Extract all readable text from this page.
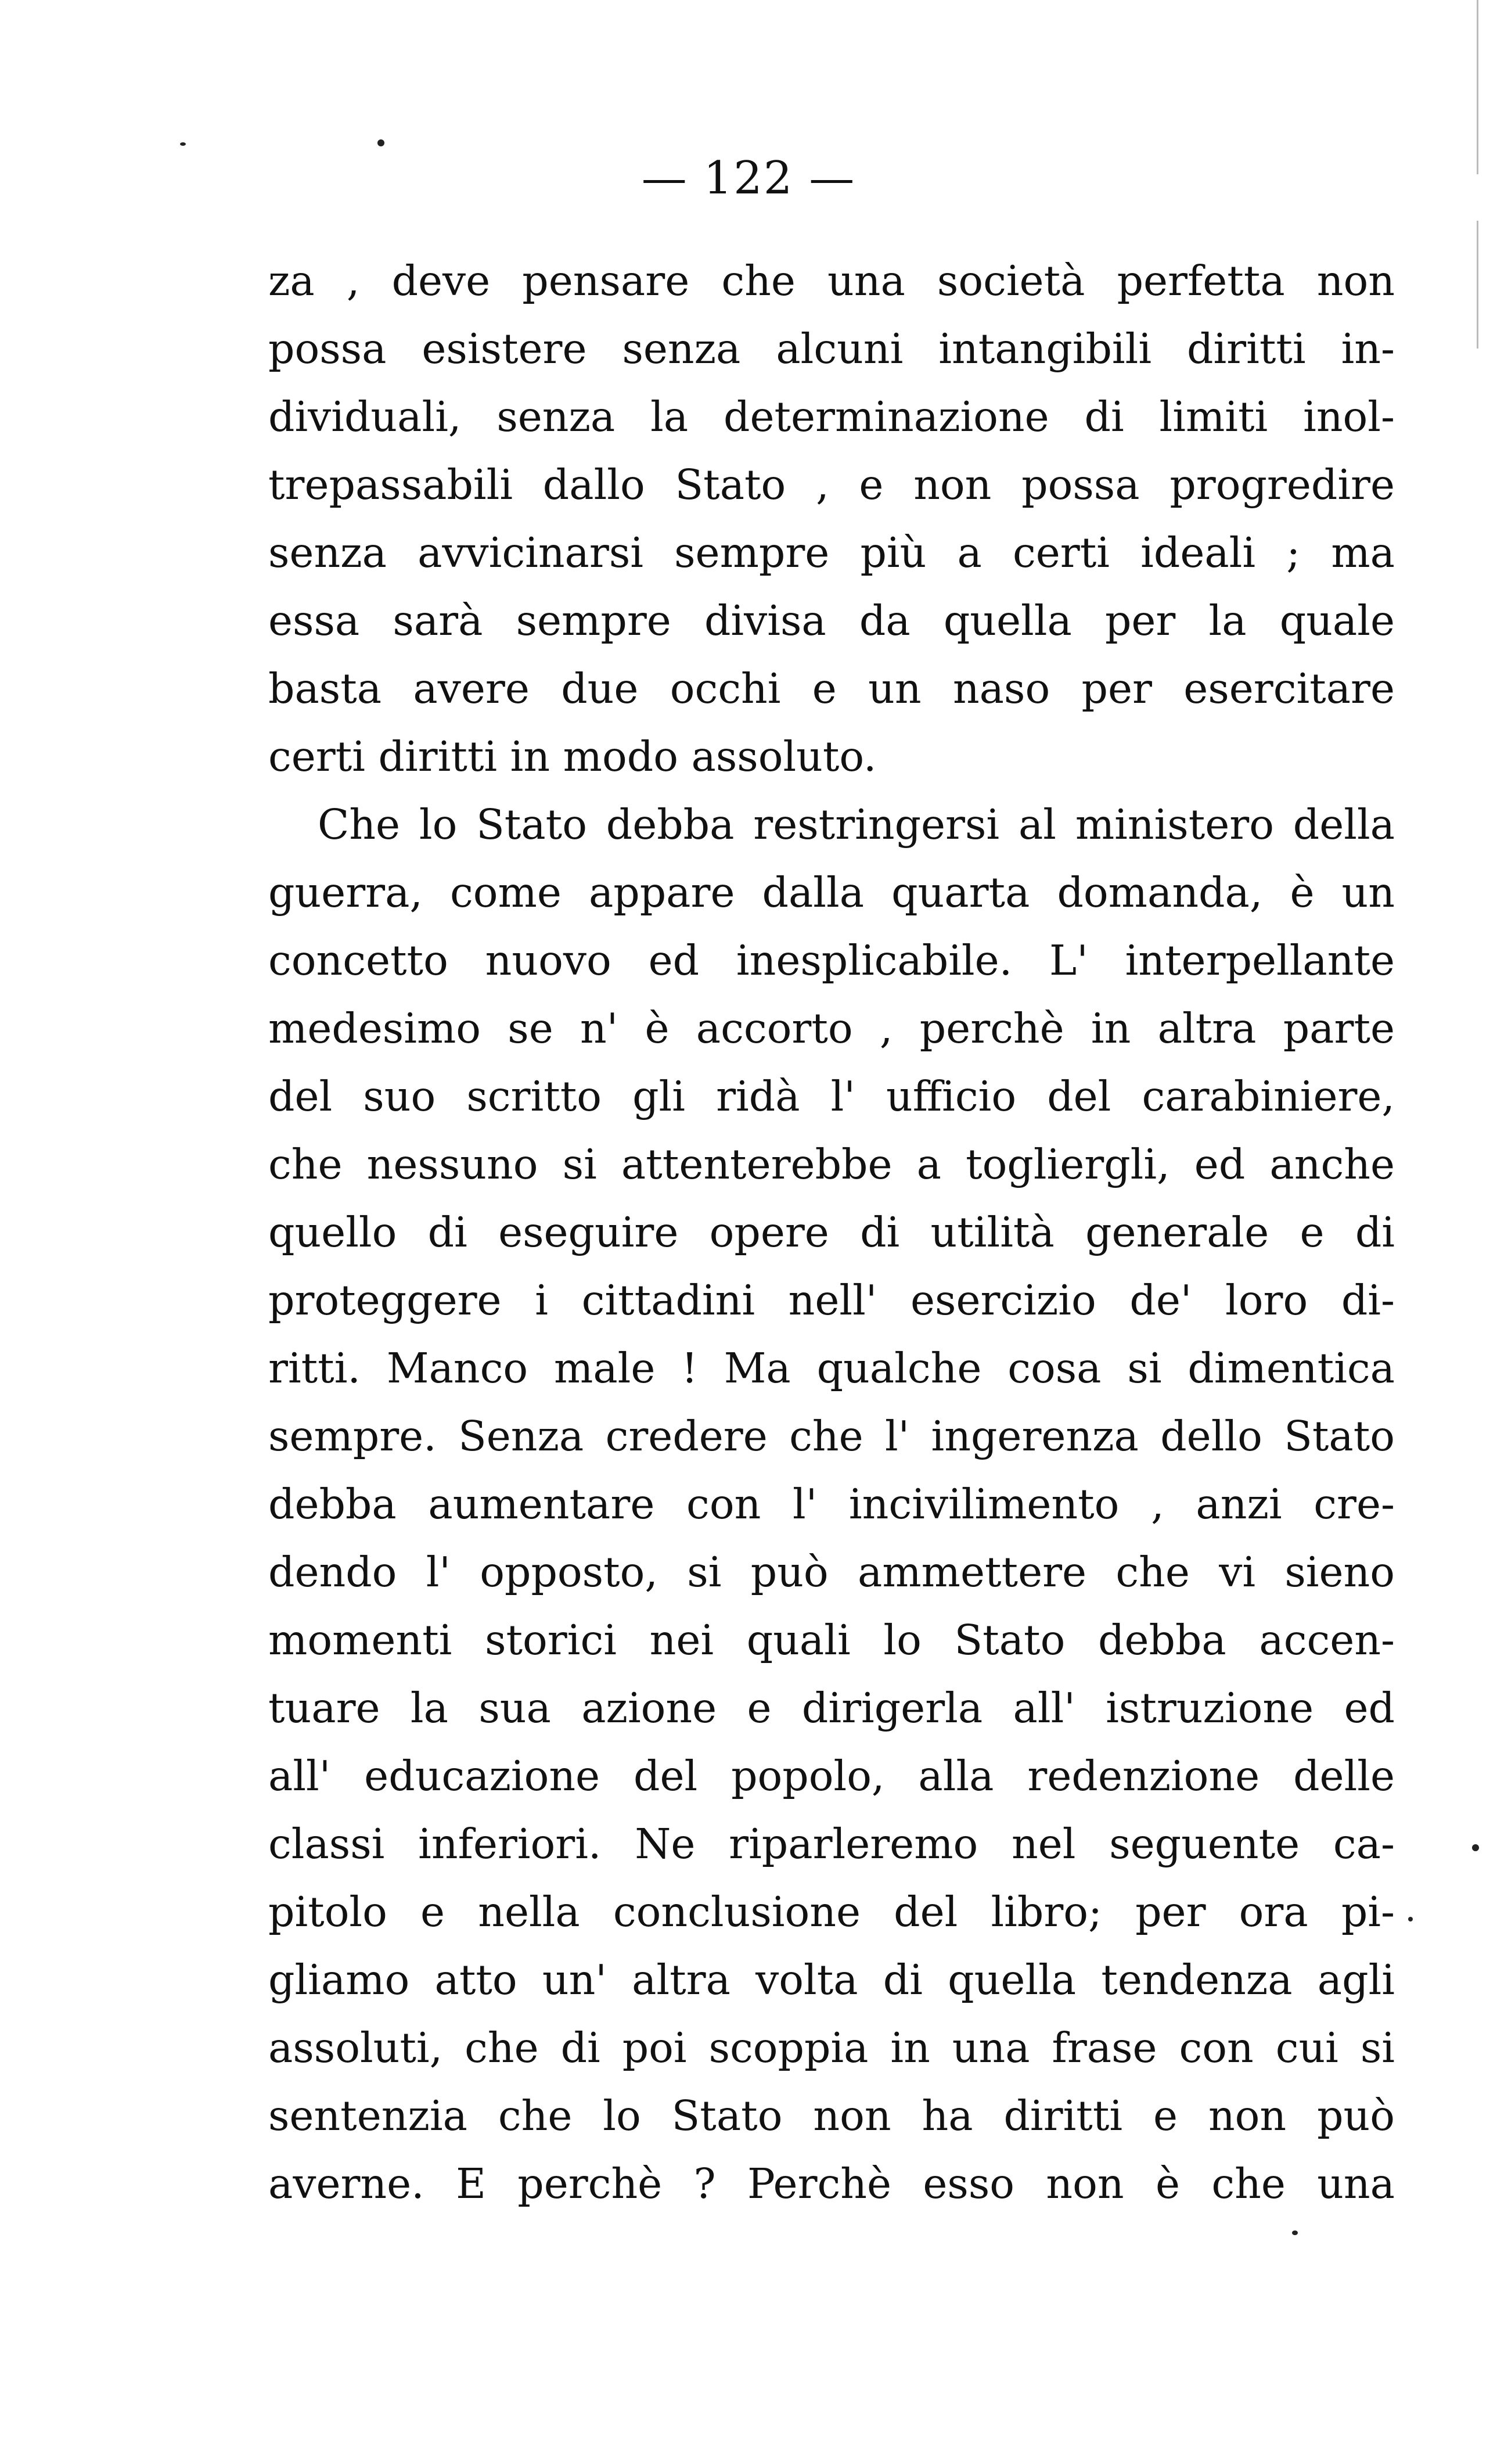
— 122 —
za , deve pensare che una società perfetta non
possa esistere senza alcuni intangibili diritti in-
dividuali, senza la determinazione di limiti inol-
trepassabili dallo Stato , e non possa progredire
senza avvicinarsi sempre più a certi ideali ; ma
essa sarà sempre divisa da quella per la quale
basta avere due occhi e un naso per esercitare
certi diritti in modo assoluto.
Che lo Stato debba restringersi al ministero della
guerra, come appare dalla quarta domanda, è un
concetto nuovo ed inesplicabile. L' interpellante
medesimo se n' è accorto , perchè in altra parte
del suo scritto gli ridà l' ufficio del carabiniere,
che nessuno si attenterebbe a togliergli, ed anche
quello di eseguire opere di utilità generale e di
proteggere i cittadini nell' esercizio de' loro di-
ritti. Manco male ! Ma qualche cosa si dimentica
sempre. Senza credere che l' ingerenza dello Stato
debba aumentare con l' incivilimento , anzi cre-
dendo l' opposto, si può ammettere che vi sieno
momenti storici nei quali lo Stato debba accen-
tuare la sua azione e dirigerla all' istruzione ed
all' educazione del popolo, alla redenzione delle
classi inferiori. Ne riparleremo nel seguente ca-
pitolo e nella conclusione del libro; per ora pi-
gliamo atto un' altra volta di quella tendenza agli
assoluti, che di poi scoppia in una frase con cui si
sentenzia che lo Stato non ha diritti e non può
averne. E perchè ? Perchè esso non è che una
